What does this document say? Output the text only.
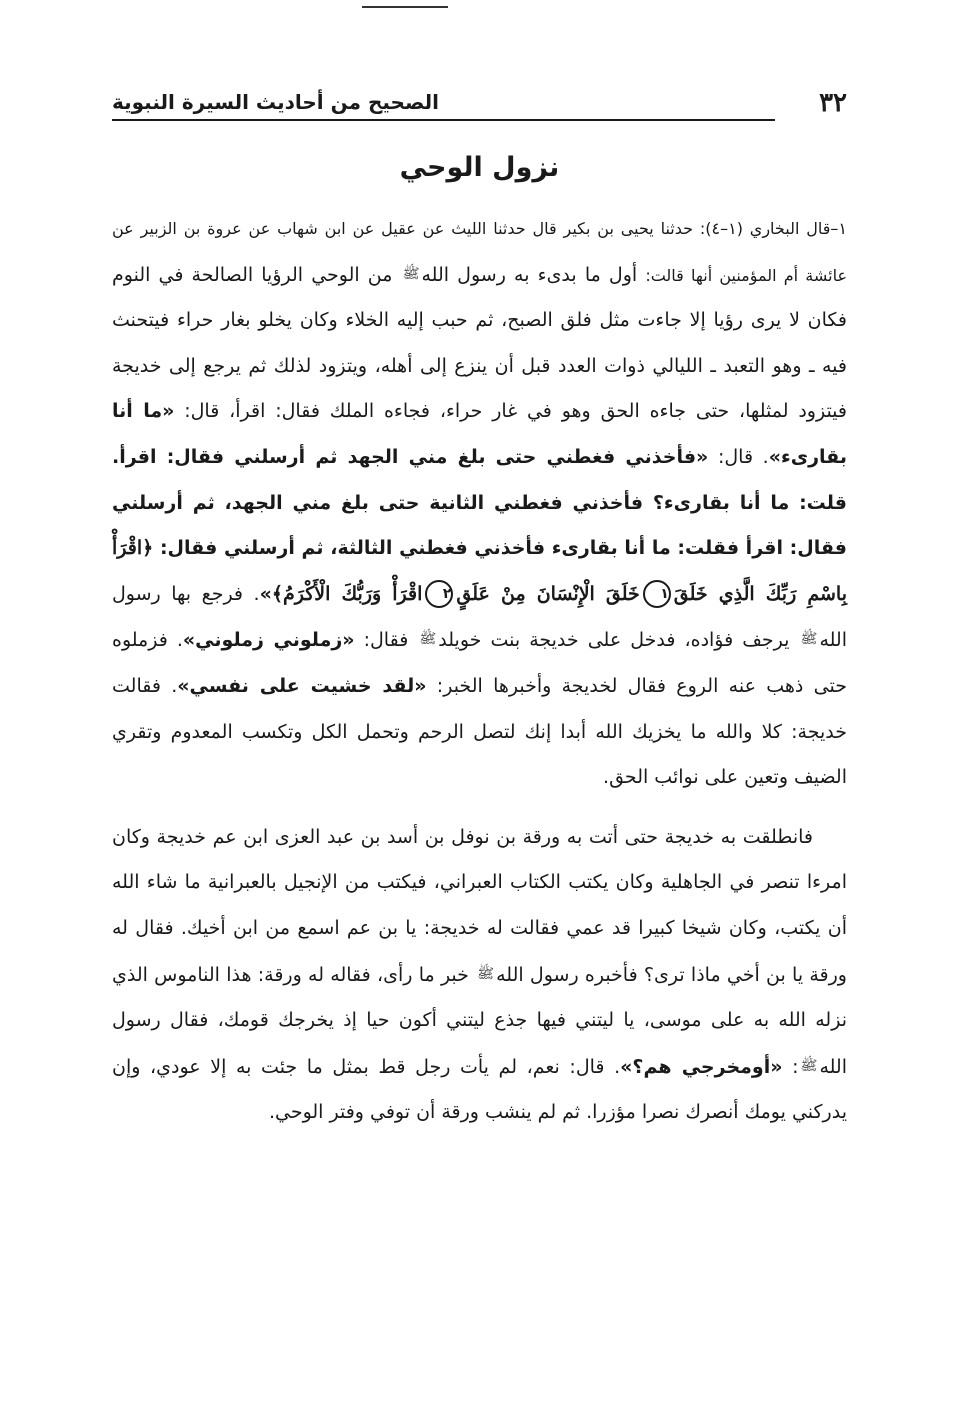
٣٢
الصحيح من أحاديث السيرة النبوية
نزول الوحي

١–قال البخاري (١–٤): حدثنا يحيى بن بكير قال حدثنا الليث عن عقيل عن ابن شهاب عن عروة بن الزبير عن عائشة أم المؤمنين أنها قالت: أول ما بدىء به رسول اللهﷺ من الوحي الرؤيا الصالحة في النوم فكان لا يرى رؤيا إلا جاءت مثل فلق الصبح، ثم حبب إليه الخلاء وكان يخلو بغار حراء فيتحنث فيه ـ وهو التعبد ـ الليالي ذوات العدد قبل أن ينزع إلى أهله، ويتزود لذلك ثم يرجع إلى خديجة فيتزود لمثلها، حتى جاءه الحق وهو في غار حراء، فجاءه الملك فقال: اقرأ، قال: «ما أنا بقارىء». قال: «فأخذني فغطني حتى بلغ مني الجهد ثم أرسلني فقال: اقرأ. قلت: ما أنا بقارىء؟ فأخذني فغطني الثانية حتى بلغ مني الجهد، ثم أرسلني فقال: اقرأ فقلت: ما أنا بقارىء فأخذني فغطني الثالثة، ثم أرسلني فقال: ﴿اقْرَأْ بِاسْمِ رَبِّكَ الَّذِي خَلَقَ١خَلَقَ الْإِنْسَانَ مِنْ عَلَقٍ٢اقْرَأْ وَرَبُّكَ الْأَكْرَمُ﴾». فرجع بها رسول اللهﷺ يرجف فؤاده، فدخل على خديجة بنت خويلدﷺ فقال: «زملوني زملوني». فزملوه حتى ذهب عنه الروع فقال لخديجة وأخبرها الخبر: «لقد خشيت على نفسي». فقالت خديجة: كلا والله ما يخزيك الله أبدا إنك لتصل الرحم وتحمل الكل وتكسب المعدوم وتقري الضيف وتعين على نوائب الحق.

فانطلقت به خديجة حتى أتت به ورقة بن نوفل بن أسد بن عبد العزى ابن عم خديجة وكان امرءا تنصر في الجاهلية وكان يكتب الكتاب العبراني، فيكتب من الإنجيل بالعبرانية ما شاء الله أن يكتب، وكان شيخا كبيرا قد عمي فقالت له خديجة: يا بن عم اسمع من ابن أخيك. فقال له ورقة يا بن أخي ماذا ترى؟ فأخبره رسول اللهﷺ خبر ما رأى، فقاله له ورقة: هذا الناموس الذي نزله الله به على موسى، يا ليتني فيها جذع ليتني أكون حيا إذ يخرجك قومك، فقال رسول اللهﷺ: «أومخرجي هم؟». قال: نعم، لم يأت رجل قط بمثل ما جئت به إلا عودي، وإن يدركني يومك أنصرك نصرا مؤزرا. ثم لم ينشب ورقة أن توفي وفتر الوحي.
